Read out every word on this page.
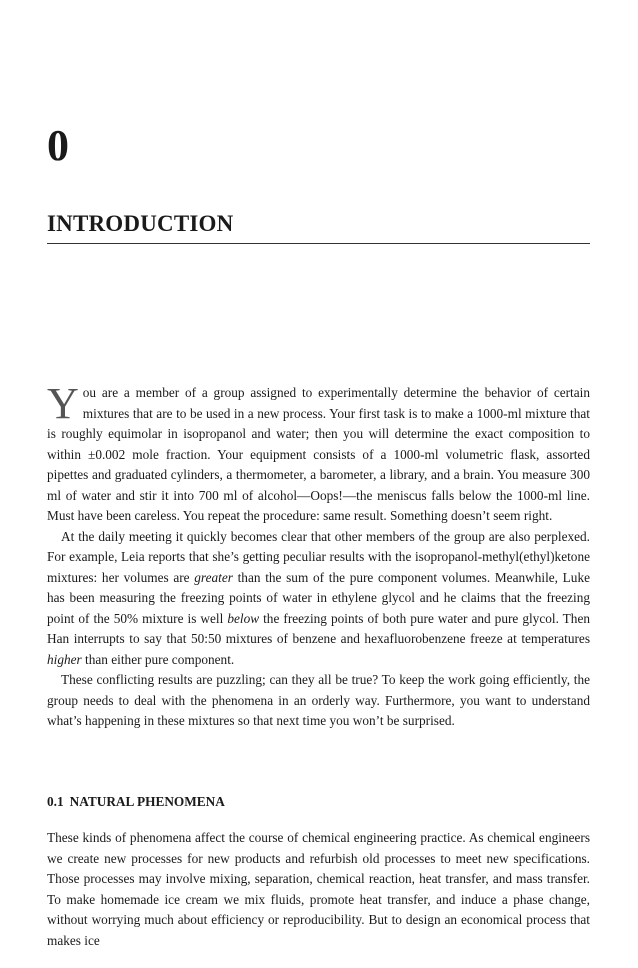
0
INTRODUCTION

You are a member of a group assigned to experimentally determine the behavior of certain mixtures that are to be used in a new process. Your first task is to make a 1000-ml mixture that is roughly equimolar in isopropanol and water; then you will determine the exact composition to within ±0.002 mole fraction. Your equipment consists of a 1000-ml volumetric flask, assorted pipettes and graduated cylinders, a thermometer, a barometer, a library, and a brain. You measure 300 ml of water and stir it into 700 ml of alcohol—Oops!—the meniscus falls below the 1000-ml line. Must have been careless. You repeat the procedure: same result. Something doesn’t seem right.

At the daily meeting it quickly becomes clear that other members of the group are also perplexed. For example, Leia reports that she’s getting peculiar results with the isopropanol-methyl(ethyl)ketone mixtures: her volumes are greater than the sum of the pure component volumes. Meanwhile, Luke has been measuring the freezing points of water in ethylene glycol and he claims that the freezing point of the 50% mixture is well below the freezing points of both pure water and pure glycol. Then Han interrupts to say that 50:50 mixtures of benzene and hexafluorobenzene freeze at temperatures higher than either pure component.

These conflicting results are puzzling; can they all be true? To keep the work going efficiently, the group needs to deal with the phenomena in an orderly way. Furthermore, you want to understand what’s happening in these mixtures so that next time you won’t be surprised.

0.1 NATURAL PHENOMENA

These kinds of phenomena affect the course of chemical engineering practice. As chemical engineers we create new processes for new products and refurbish old processes to meet new specifications. Those processes may involve mixing, separation, chemical reaction, heat transfer, and mass transfer. To make homemade ice cream we mix fluids, promote heat transfer, and induce a phase change, without worrying much about efficiency or reproducibility. But to design an economical process that makes ice
